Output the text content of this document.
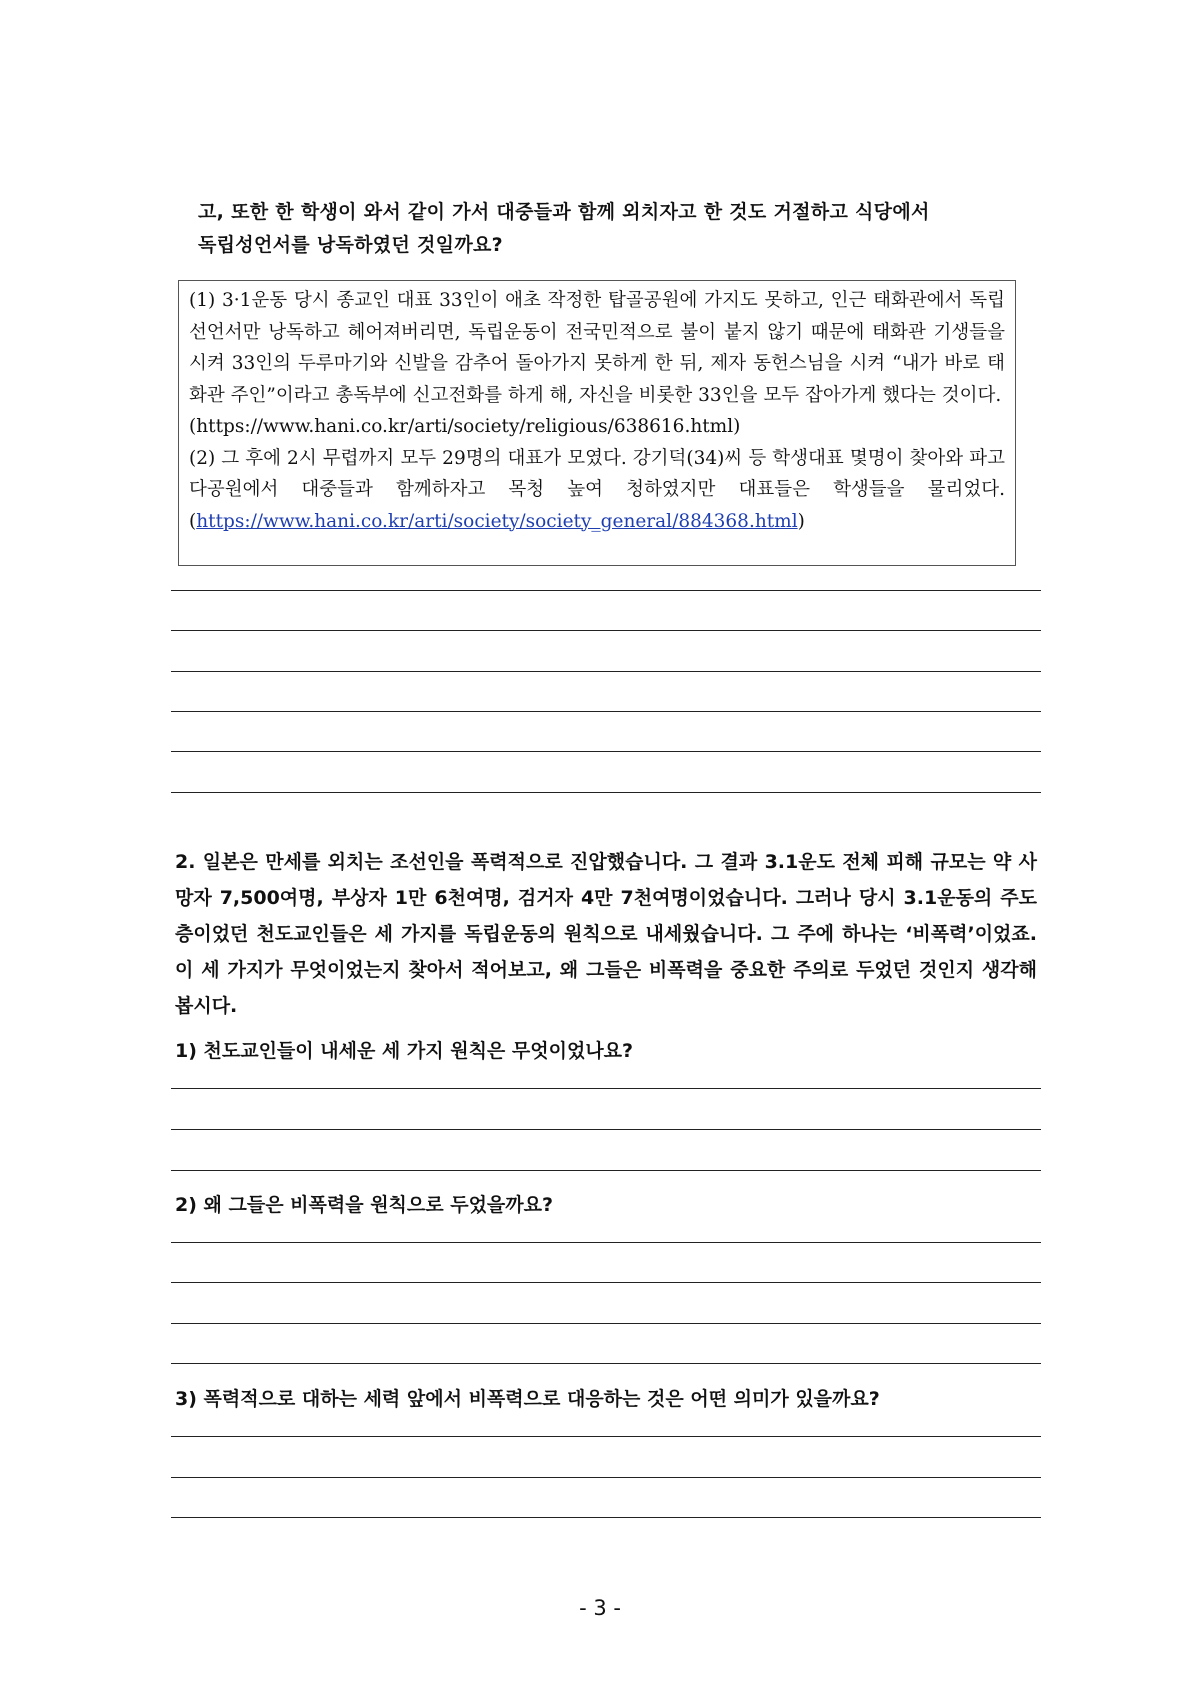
고, 또한 한 학생이 와서 같이 가서 대중들과 함께 외치자고 한 것도 거절하고 식당에서
독립성언서를 낭독하였던 것일까요?

(1) 3·1운동 당시 종교인 대표 33인이 애초 작정한 탑골공원에 가지도 못하고, 인근 태화관에서 독립선언서만 낭독하고 헤어져버리면, 독립운동이 전국민적으로 불이 붙지 않기 때문에 태화관 기생들을 시켜 33인의 두루마기와 신발을 감추어 돌아가지 못하게 한 뒤, 제자 동헌스님을 시켜 “내가 바로 태화관 주인”이라고 총독부에 신고전화를 하게 해, 자신을 비롯한 33인을 모두 잡아가게 했다는 것이다.

(https://www.hani.co.kr/arti/society/religious/638616.html)

(2) 그 후에 2시 무렵까지 모두 29명의 대표가 모였다. 강기덕(34)씨 등 학생대표 몇명이 찾아와 파고다공원에서 대중들과 함께하자고 목청 높여 청하였지만 대표들은 학생들을 물리었다. (https://www.hani.co.kr/arti/society/society_general/884368.html)

2. 일본은 만세를 외치는 조선인을 폭력적으로 진압했습니다. 그 결과 3.1운도 전체 피해 규모는 약 사망자 7,500여명, 부상자 1만 6천여명, 검거자 4만 7천여명이었습니다. 그러나 당시 3.1운동의 주도층이었던 천도교인들은 세 가지를 독립운동의 원칙으로 내세웠습니다. 그 주에 하나는 ‘비폭력’이었죠. 이 세 가지가 무엇이었는지 찾아서 적어보고, 왜 그들은 비폭력을 중요한 주의로 두었던 것인지 생각해봅시다.

1) 천도교인들이 내세운 세 가지 원칙은 무엇이었나요?
2) 왜 그들은 비폭력을 원칙으로 두었을까요?
3) 폭력적으로 대하는 세력 앞에서 비폭력으로 대응하는 것은 어떤 의미가 있을까요?
- 3 -
